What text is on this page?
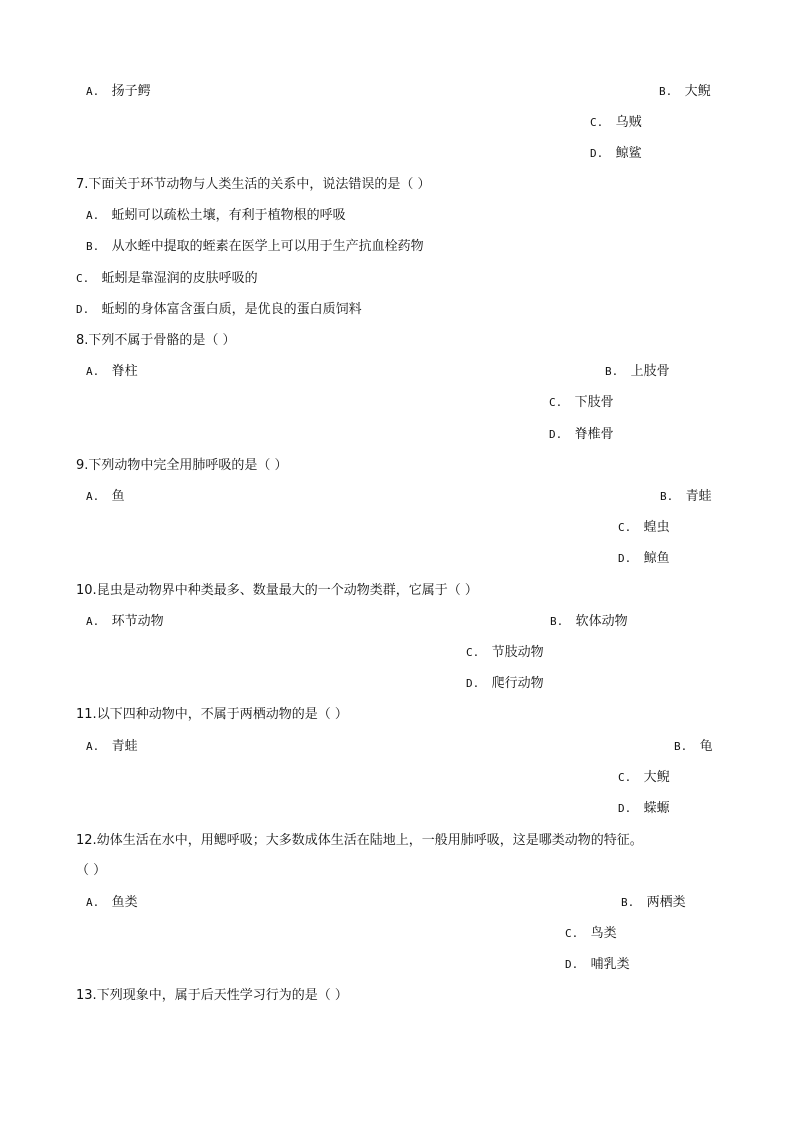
A. 扬子鳄	B. 大鲵
C. 乌贼
D. 鲸鲨
7.下面关于环节动物与人类生活的关系中，说法错误的是（ ）
A. 蚯蚓可以疏松土壤，有利于植物根的呼吸
B. 从水蛭中提取的蛭素在医学上可以用于生产抗血栓药物
C. 蚯蚓是靠湿润的皮肤呼吸的
D. 蚯蚓的身体富含蛋白质，是优良的蛋白质饲料
8.下列不属于骨骼的是（ ）
A. 脊柱	B. 上肢骨
C. 下肢骨
D. 脊椎骨
9.下列动物中完全用肺呼吸的是（ ）
A. 鱼	B. 青蛙
C. 蝗虫
D. 鲸鱼
10.昆虫是动物界中种类最多、数量最大的一个动物类群，它属于（ ）
A. 环节动物	B. 软体动物
C. 节肢动物
D. 爬行动物
11.以下四种动物中，不属于两栖动物的是（ ）
A. 青蛙	B. 龟
C. 大鲵
D. 蝾螈
12.幼体生活在水中，用鳃呼吸；大多数成体生活在陆地上，一般用肺呼吸，这是哪类动物的特征。
（ ）
A. 鱼类	B. 两栖类
C. 鸟类
D. 哺乳类
13.下列现象中，属于后天性学习行为的是（ ）
